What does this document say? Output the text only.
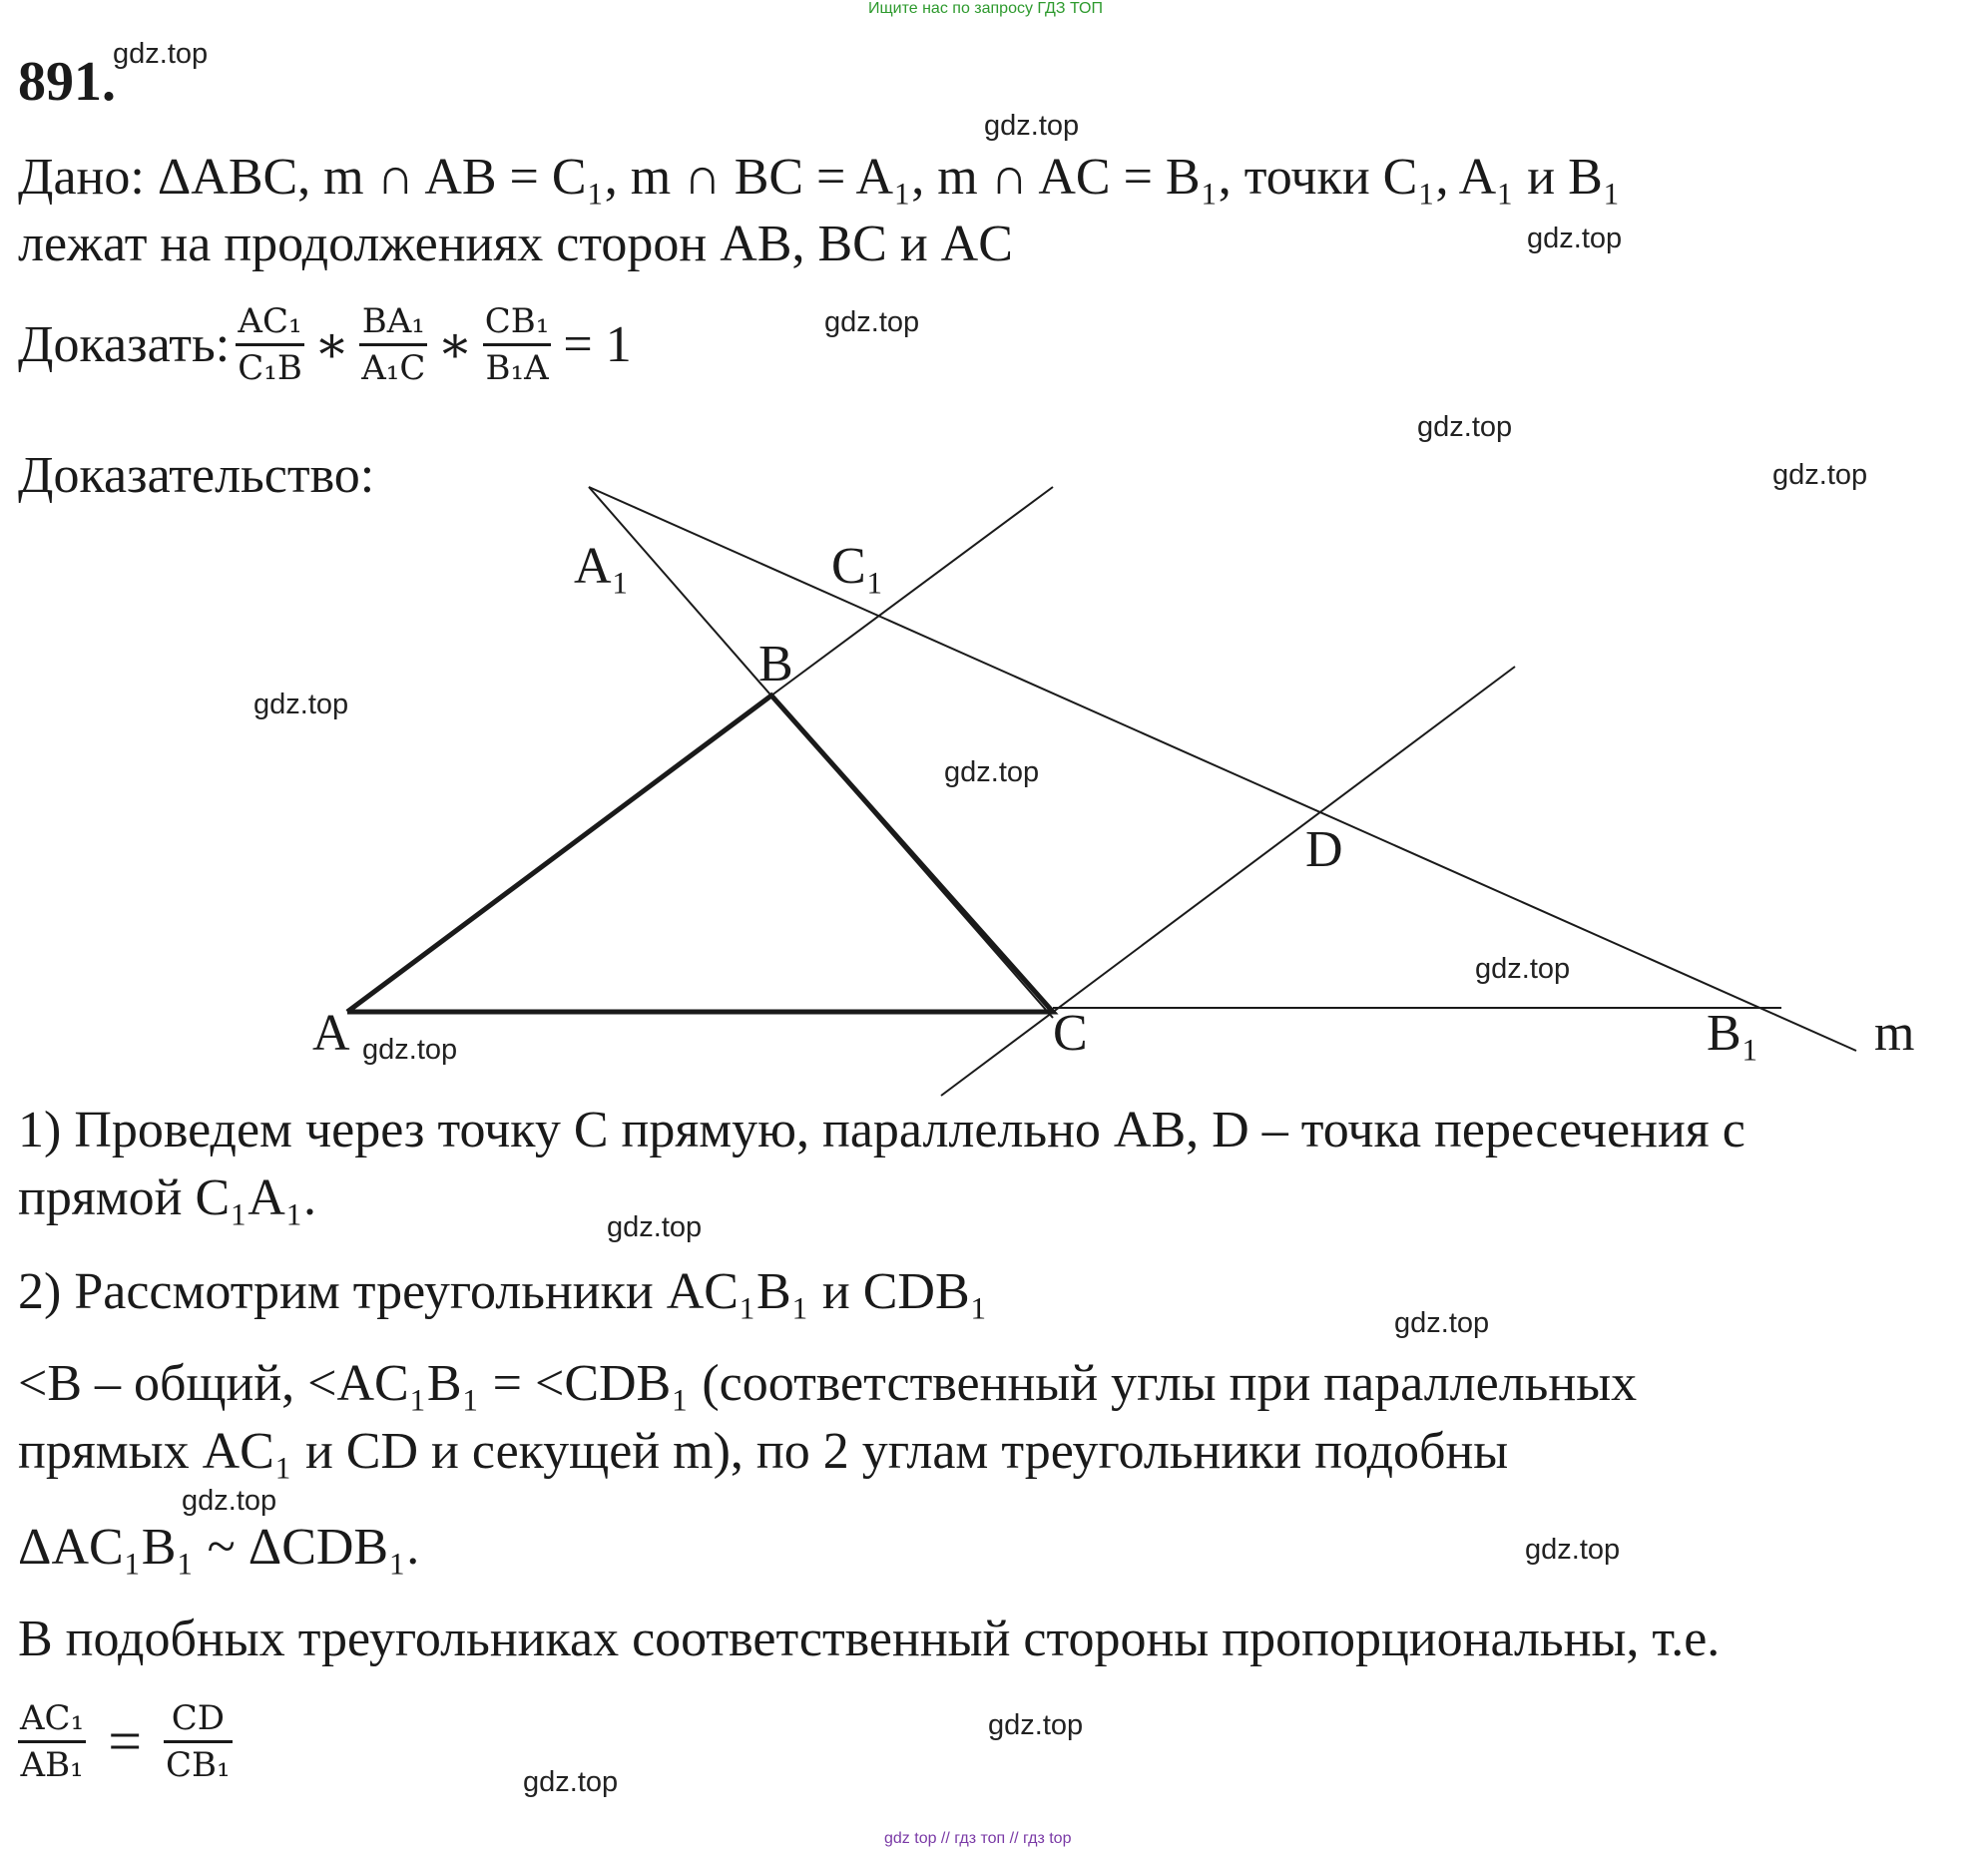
Ищите нас по запросу ГДЗ ТОП
891.
Дано: ΔABC, m ∩ AB = C₁, m ∩ BC = A₁, m ∩ AC = B₁, точки C₁, A₁ и B₁
лежат на продолжениях сторон AB, BC и AC
Доказать: $\frac{\text{AC₁}}{\text{C₁B}}$ ∗ $\frac{\text{BA₁}}{\text{A₁C}}$ ∗ $\frac{\text{CB₁}}{\text{B₁A}} = 1$
Доказательство:
A
B
C
D
A₁	C₁
B₁ m
1) Проведем через точку C прямую, параллельно AB, D – точка пересечения с
прямой C₁A₁.
2) Рассмотрим треугольники AC₁B₁ и CDB₁
<B – общий, <AC₁B₁ = <CDB₁ (соответственный углы при параллельных
прямых AC₁ и CD и секущей m), по 2 углам треугольники подобны
ΔAC₁B₁ ~ ΔCDB₁.
В подобных треугольниках соответственный стороны пропорциональны, т.е.
$\frac{\text{AC₁}}{\text{AB₁}} = \frac{CD}{\text{CB₁}}$
gdz.top
gdz.top
gdz.top
gdz.top
gdz.top
gdz.top
gdz.top
gdz.top
gdz.top
gdz.top
gdz.top
gdz.top
gdz.top
gdz.top
gdz.top
gdz.top
gdz top // гдз топ // гдз top
